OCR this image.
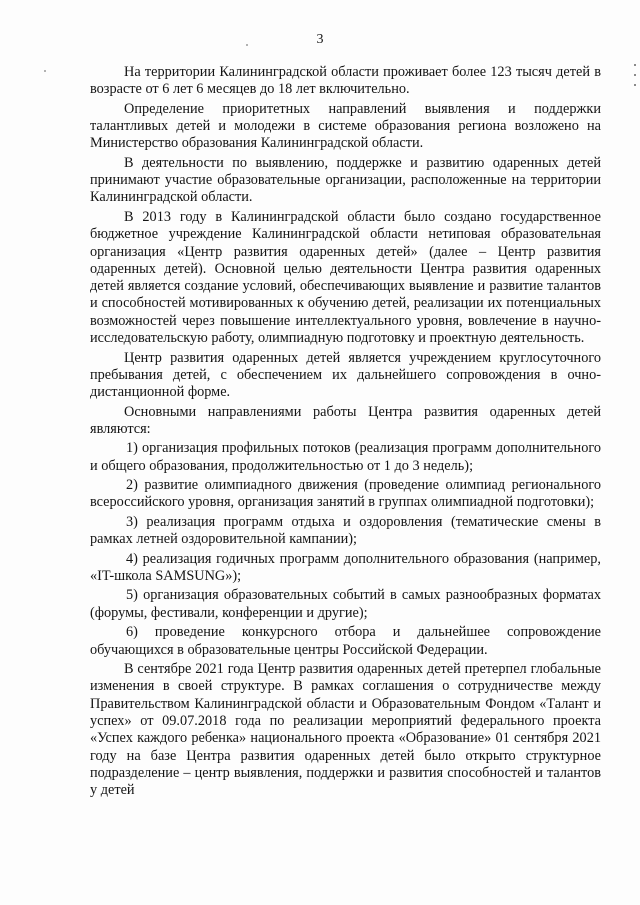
3

На территории Калининградской области проживает более 123 тысяч детей в возрасте от 6 лет 6 месяцев до 18 лет включительно.

Определение приоритетных направлений выявления и поддержки талантливых детей и молодежи в системе образования региона возложено на Министерство образования Калининградской области.

В деятельности по выявлению, поддержке и развитию одаренных детей принимают участие образовательные организации, расположенные на территории Калининградской области.

В 2013 году в Калининградской области было создано государственное бюджетное учреждение Калининградской области нетиповая образовательная организация «Центр развития одаренных детей» (далее – Центр развития одаренных детей). Основной целью деятельности Центра развития одаренных детей является создание условий, обеспечивающих выявление и развитие талантов и способностей мотивированных к обучению детей, реализации их потенциальных возможностей через повышение интеллектуального уровня, вовлечение в научно-исследовательскую работу, олимпиадную подготовку и проектную деятельность.

Центр развития одаренных детей является учреждением круглосуточного пребывания детей, с обеспечением их дальнейшего сопровождения в очно-дистанционной форме.

Основными направлениями работы Центра развития одаренных детей являются:

1) организация профильных потоков (реализация программ дополнительного и общего образования, продолжительностью от 1 до 3 недель);

2) развитие олимпиадного движения (проведение олимпиад регионального всероссийского уровня, организация занятий в группах олимпиадной подготовки);

3) реализация программ отдыха и оздоровления (тематические смены в рамках летней оздоровительной кампании);

4) реализация годичных программ дополнительного образования (например, «IT-школа SAMSUNG»);

5) организация образовательных событий в самых разнообразных форматах (форумы, фестивали, конференции и другие);

6) проведение конкурсного отбора и дальнейшее сопровождение обучающихся в образовательные центры Российской Федерации.

В сентябре 2021 года Центр развития одаренных детей претерпел глобальные изменения в своей структуре. В рамках соглашения о сотрудничестве между Правительством Калининградской области и Образовательным Фондом «Талант и успех» от 09.07.2018 года по реализации мероприятий федерального проекта «Успех каждого ребенка» национального проекта «Образование» 01 сентября 2021 году на базе Центра развития одаренных детей было открыто структурное подразделение – центр выявления, поддержки и развития способностей и талантов у детей
